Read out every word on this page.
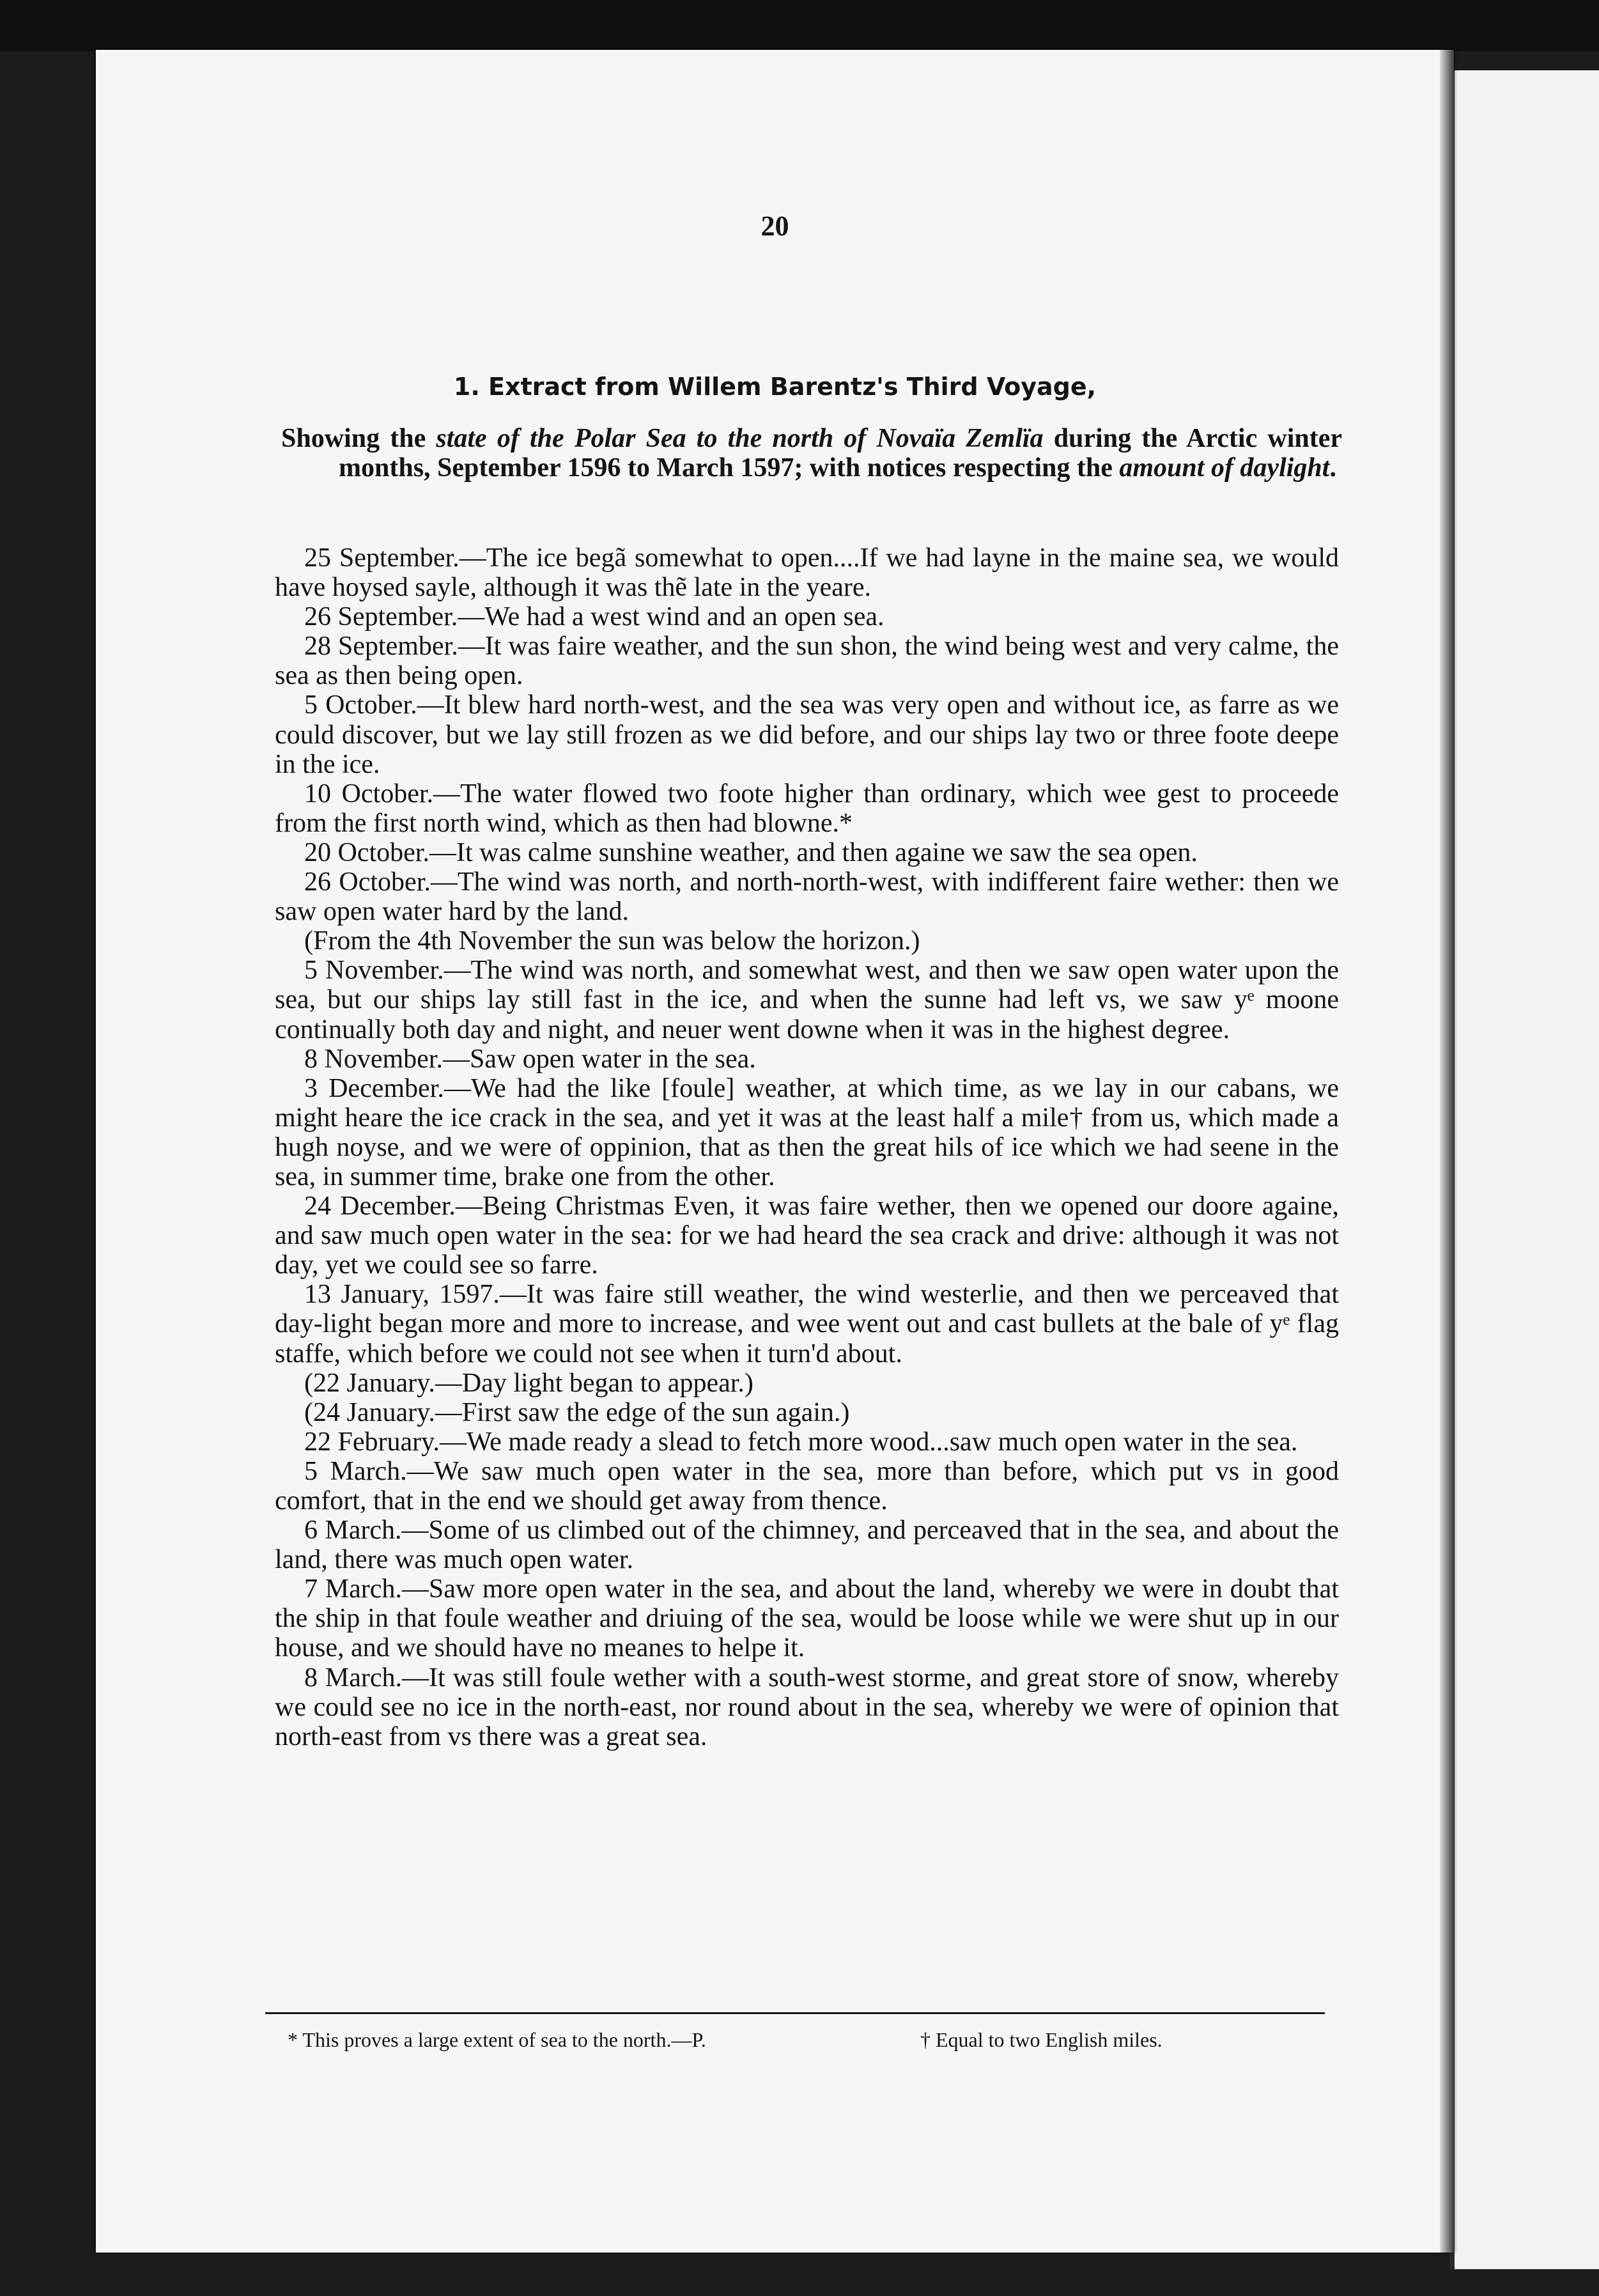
20
1. Extract from Willem Barentz's Third Voyage,
Showing the state of the Polar Sea to the north of Novaïa Zemlïa during the Arctic winter months, September 1596 to March 1597; with notices respecting the amount of daylight.

25 September.—The ice begã somewhat to open....If we had layne in the maine sea, we would have hoysed sayle, although it was thẽ late in the yeare.

26 September.—We had a west wind and an open sea.

28 September.—It was faire weather, and the sun shon, the wind being west and very calme, the sea as then being open.

5 October.—It blew hard north-west, and the sea was very open and without ice, as farre as we could discover, but we lay still frozen as we did before, and our ships lay two or three foote deepe in the ice.

10 October.—The water flowed two foote higher than ordinary, which wee gest to proceede from the first north wind, which as then had blowne.*

20 October.—It was calme sunshine weather, and then againe we saw the sea open.

26 October.—The wind was north, and north-north-west, with indifferent faire wether: then we saw open water hard by the land.

(From the 4th November the sun was below the horizon.)

5 November.—The wind was north, and somewhat west, and then we saw open water upon the sea, but our ships lay still fast in the ice, and when the sunne had left vs, we saw yᵉ moone continually both day and night, and neuer went downe when it was in the highest degree.

8 November.—Saw open water in the sea.

3 December.—We had the like [foule] weather, at which time, as we lay in our cabans, we might heare the ice crack in the sea, and yet it was at the least half a mile† from us, which made a hugh noyse, and we were of oppinion, that as then the great hils of ice which we had seene in the sea, in summer time, brake one from the other.

24 December.—Being Christmas Even, it was faire wether, then we opened our doore againe, and saw much open water in the sea: for we had heard the sea crack and drive: although it was not day, yet we could see so farre.

13 January, 1597.—It was faire still weather, the wind westerlie, and then we perceaved that day-light began more and more to increase, and wee went out and cast bullets at the bale of yᵉ flag staffe, which before we could not see when it turn'd about.

(22 January.—Day light began to appear.)

(24 January.—First saw the edge of the sun again.)

22 February.—We made ready a slead to fetch more wood...saw much open water in the sea.

5 March.—We saw much open water in the sea, more than before, which put vs in good comfort, that in the end we should get away from thence.

6 March.—Some of us climbed out of the chimney, and perceaved that in the sea, and about the land, there was much open water.

7 March.—Saw more open water in the sea, and about the land, whereby we were in doubt that the ship in that foule weather and driuing of the sea, would be loose while we were shut up in our house, and we should have no meanes to helpe it.

8 March.—It was still foule wether with a south-west storme, and great store of snow, whereby we could see no ice in the north-east, nor round about in the sea, whereby we were of opinion that north-east from vs there was a great sea.

* This proves a large extent of sea to the north.—P.	† Equal to two English miles.
